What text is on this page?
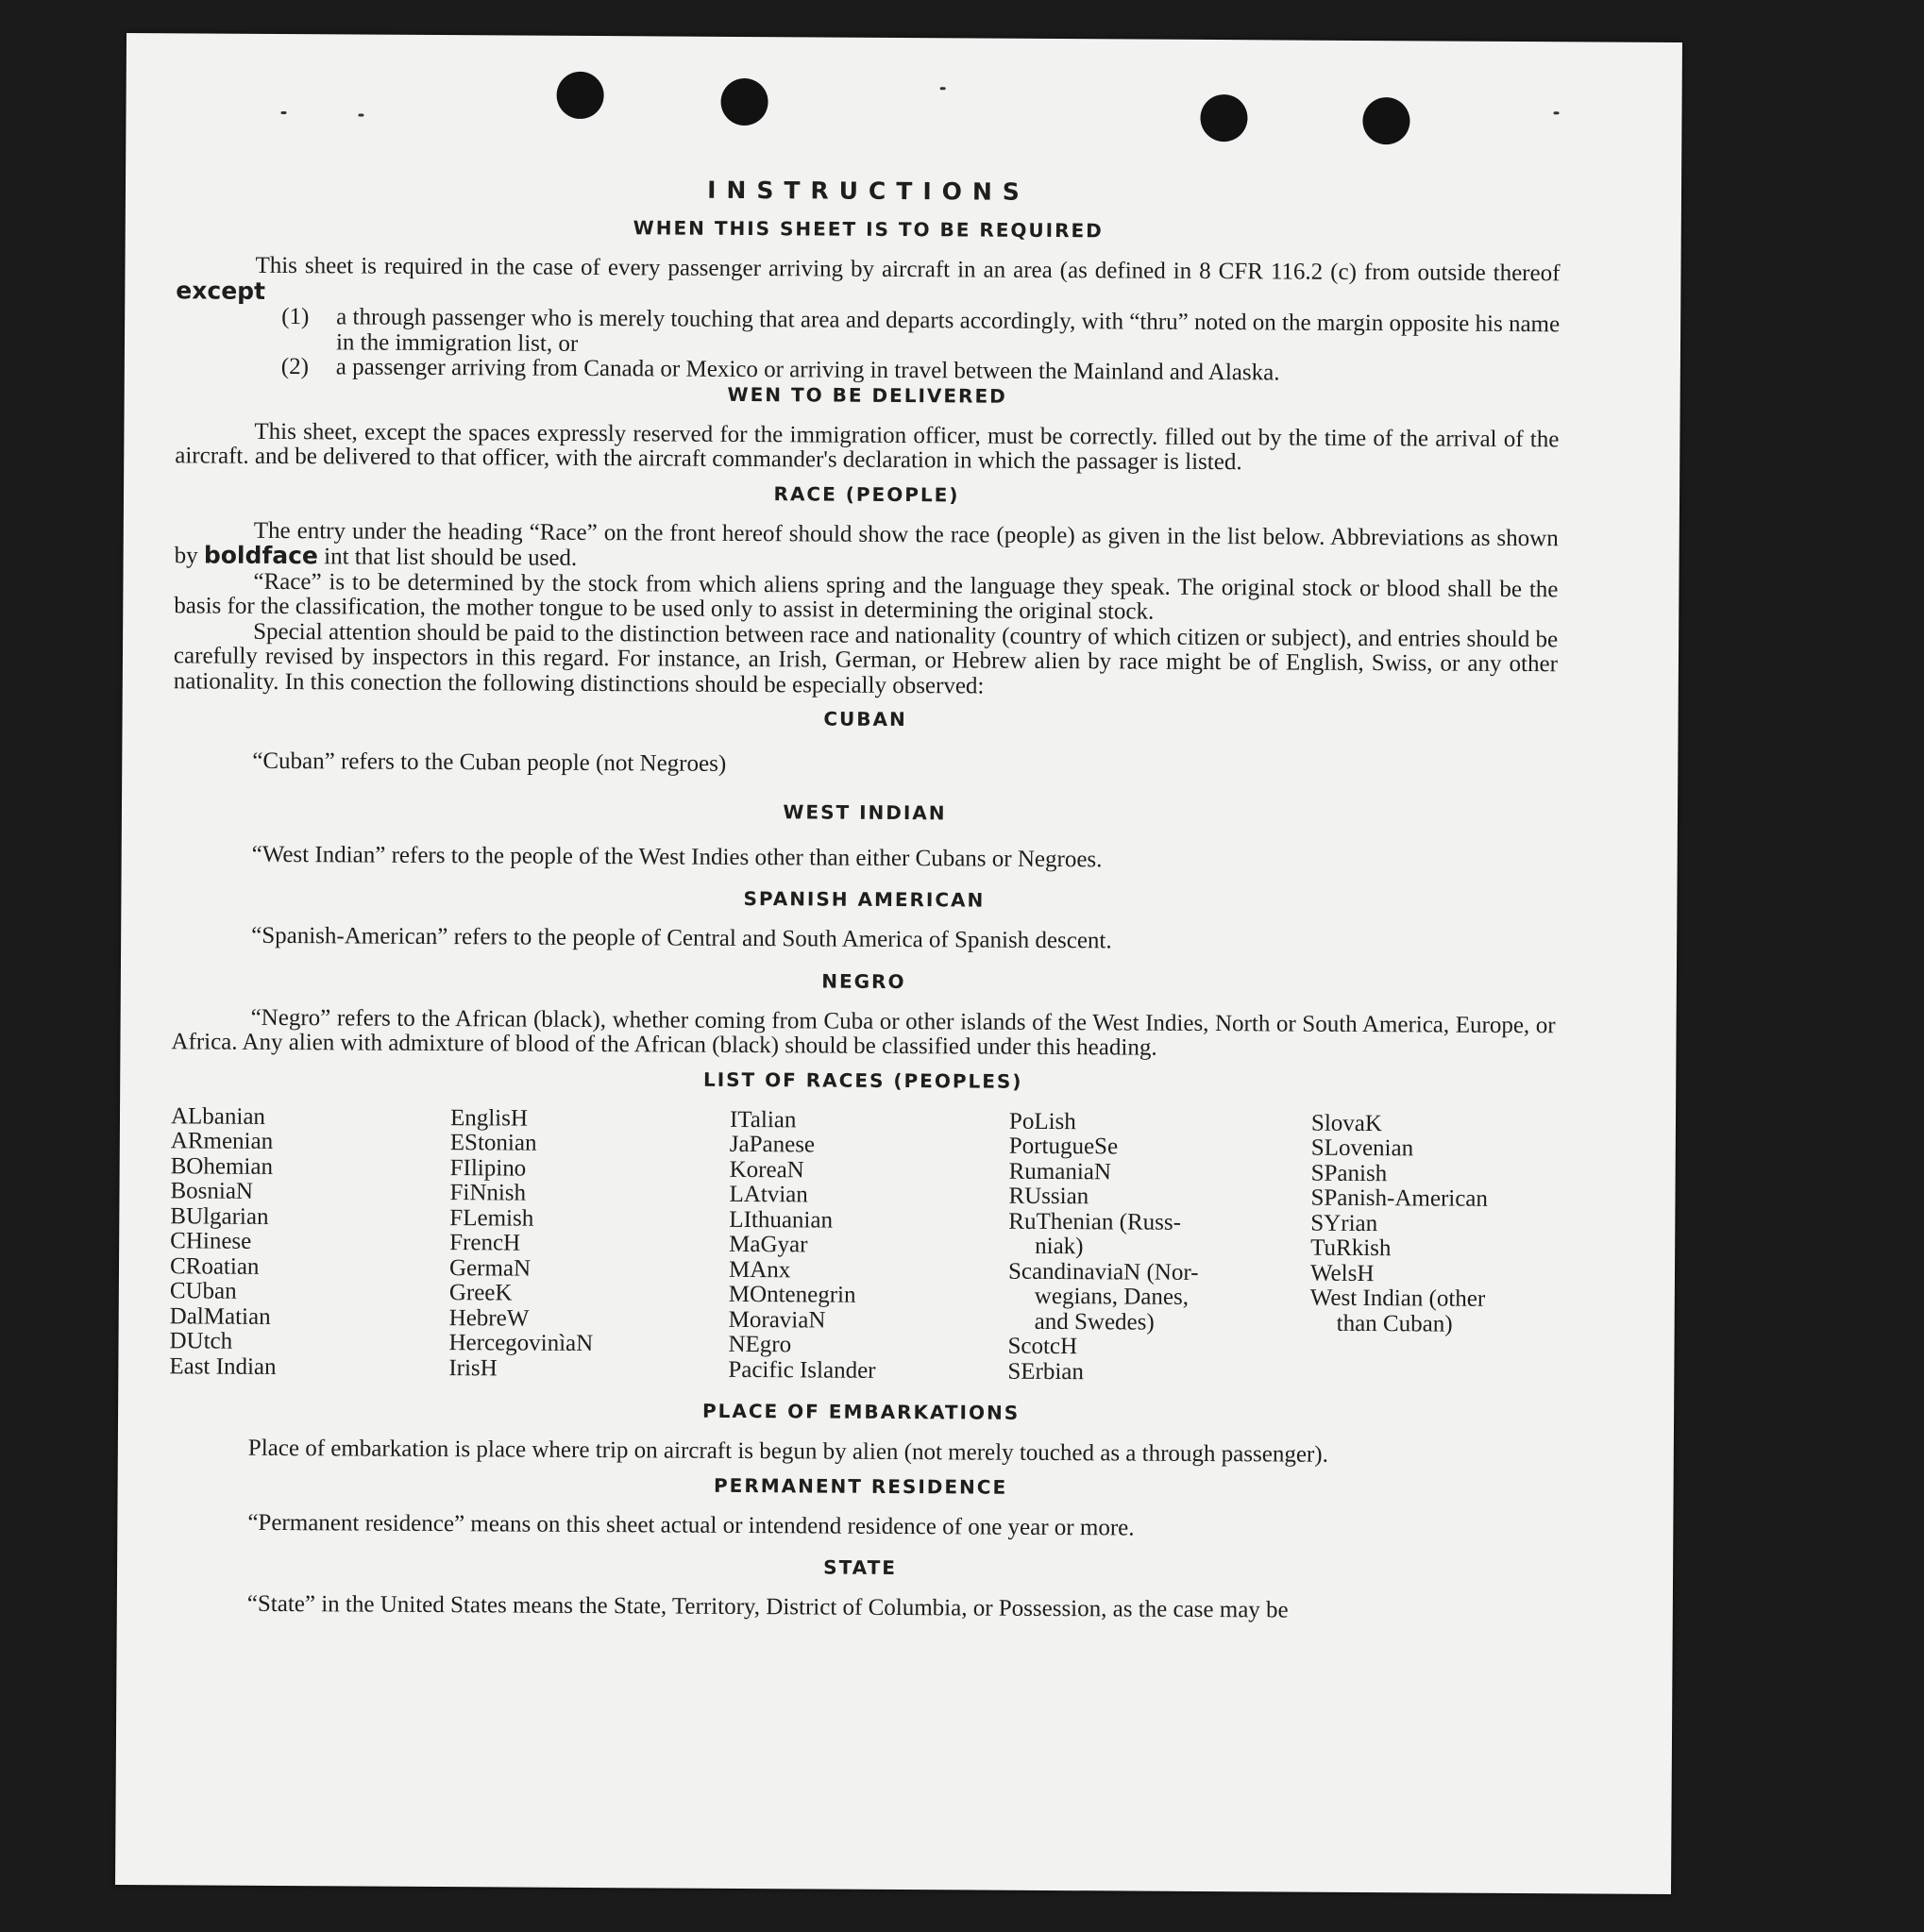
INSTRUCTIONS
WHEN THIS SHEET IS TO BE REQUIRED

This sheet is required in the case of every passenger arriving by aircraft in an area (as defined in 8 CFR 116.2 (c) from outside thereof except

(1)	a through passenger who is merely touching that area and departs accordingly, with “thru” noted on the margin opposite his name in the immigration list, or
(2)	a passenger arriving from Canada or Mexico or arriving in travel between the Mainland and Alaska.
WEN TO BE DELIVERED

This sheet, except the spaces expressly reserved for the immigration officer, must be correctly. filled out by the time of the arrival of the aircraft. and be delivered to that officer, with the aircraft commander's declaration in which the passager is listed.

RACE (PEOPLE)

The entry under the heading “Race” on the front hereof should show the race (people) as given in the list below. Abbreviations as shown by boldface int that list should be used.

“Race” is to be determined by the stock from which aliens spring and the language they speak. The original stock or blood shall be the basis for the classification, the mother tongue to be used only to assist in determining the original stock.

Special attention should be paid to the distinction between race and nationality (country of which citizen or subject), and entries should be carefully revised by inspectors in this regard. For instance, an Irish, German, or Hebrew alien by race might be of English, Swiss, or any other nationality. In this conection the following distinctions should be especially observed:

CUBAN
“Cuban” refers to the Cuban people (not Negroes)
WEST INDIAN
“West Indian” refers to the people of the West Indies other than either Cubans or Negroes.
SPANISH AMERICAN
“Spanish-American” refers to the people of Central and South America of Spanish descent.
NEGRO

“Negro” refers to the African (black), whether coming from Cuba or other islands of the West Indies, North or South America, Europe, or Africa. Any alien with admixture of blood of the African (black) should be classified under this heading.

LIST OF RACES (PEOPLES)
ALbanian
ARmenian
BOhemian
BosniaN
BUlgarian
CHinese
CRoatian
CUban
DalMatian
DUtch
East Indian
EnglisH
EStonian
FIlipino
FiNnish
FLemish
FrencH
GermaN
GreeK
HebreW
HercegovinìaN
IrisH
ITalian
JaPanese
KoreaN
LAtvian
LIthuanian
MaGyar
MAnx
MOntenegrin
MoraviaN
NEgro
Pacific Islander
PoLish
PortugueSe
RumaniaN
RUssian
RuThenian (Russ-
niak)
ScandinaviaN (Nor-
wegians, Danes,
and Swedes)
ScotcH
SErbian
SlovaK
SLovenian
SPanish
SPanish-American
SYrian
TuRkish
WelsH
West Indian (other
than Cuban)
PLACE OF EMBARKATIONS

Place of embarkation is place where trip on aircraft is begun by alien (not merely touched as a through passenger).

PERMANENT RESIDENCE
“Permanent residence” means on this sheet actual or intendend residence of one year or more.
STATE

“State” in the United States means the State, Territory, District of Columbia, or Possession, as the case may be
